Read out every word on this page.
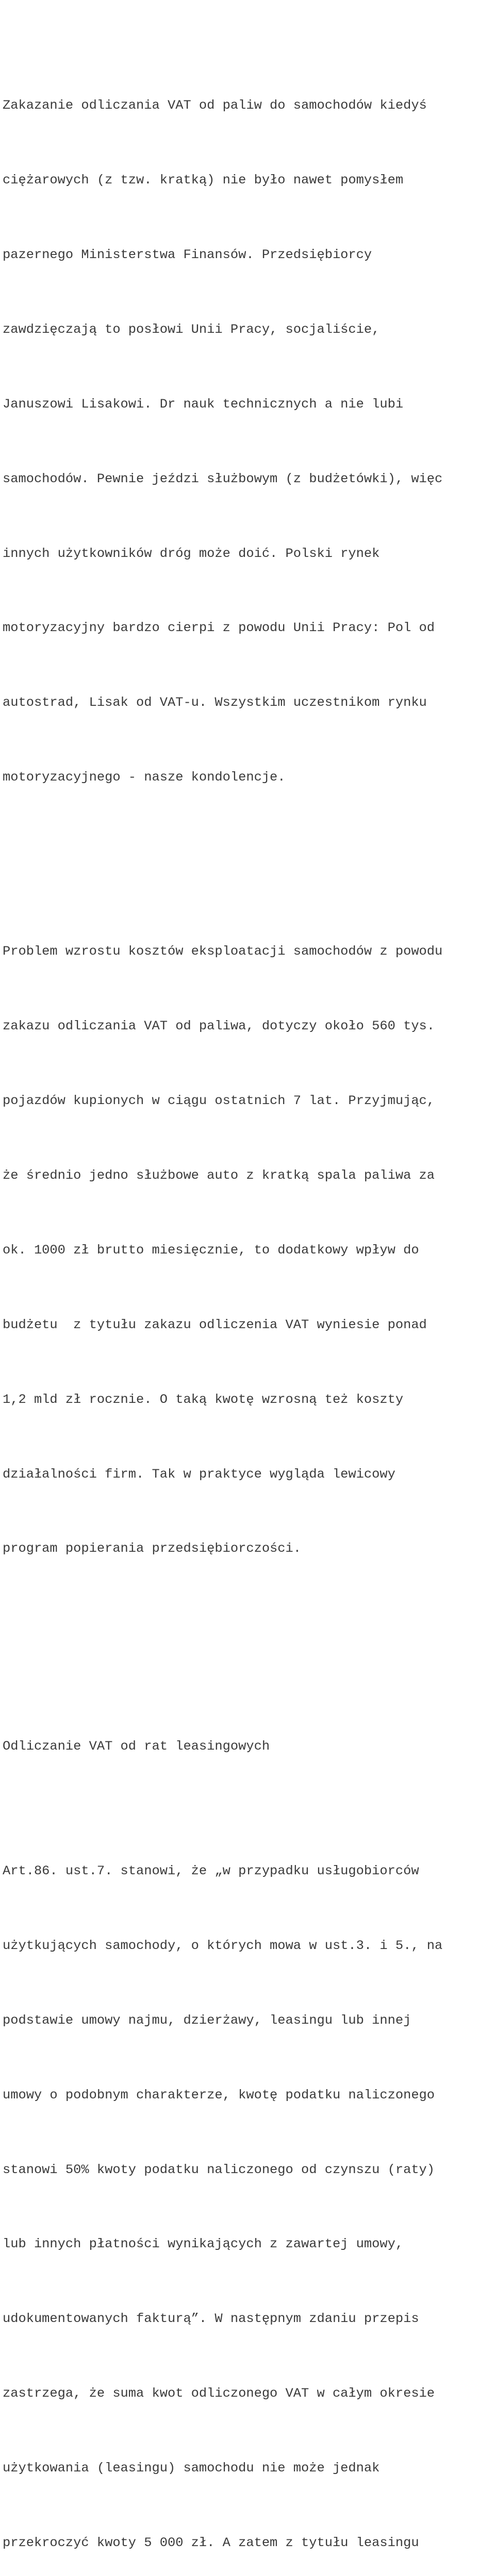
Zakazanie odliczania VAT od paliw do samochodów kiedyś

ciężarowych (z tzw. kratką) nie było nawet pomysłem

pazernego Ministerstwa Finansów. Przedsiębiorcy

zawdzięczają to posłowi Unii Pracy, socjaliście,

Januszowi Lisakowi. Dr nauk technicznych a nie lubi

samochodów. Pewnie jeździ służbowym (z budżetówki), więc

innych użytkowników dróg może doić. Polski rynek

motoryzacyjny bardzo cierpi z powodu Unii Pracy: Pol od

autostrad, Lisak od VAT-u. Wszystkim uczestnikom rynku

motoryzacyjnego - nasze kondolencje.

Problem wzrostu kosztów eksploatacji samochodów z powodu

zakazu odliczania VAT od paliwa, dotyczy około 560 tys.

pojazdów kupionych w ciągu ostatnich 7 lat. Przyjmując,

że średnio jedno służbowe auto z kratką spala paliwa za

ok. 1000 zł brutto miesięcznie, to dodatkowy wpływ do

budżetu  z tytułu zakazu odliczenia VAT wyniesie ponad

1,2 mld zł rocznie. O taką kwotę wzrosną też koszty

działalności firm. Tak w praktyce wygląda lewicowy

program popierania przedsiębiorczości.

Odliczanie VAT od rat leasingowych

Art.86. ust.7. stanowi, że „w przypadku usługobiorców

użytkujących samochody, o których mowa w ust.3. i 5., na

podstawie umowy najmu, dzierżawy, leasingu lub innej

umowy o podobnym charakterze, kwotę podatku naliczonego

stanowi 50% kwoty podatku naliczonego od czynszu (raty)

lub innych płatności wynikających z zawartej umowy,

udokumentowanych fakturą”. W następnym zdaniu przepis

zastrzega, że suma kwot odliczonego VAT w całym okresie

użytkowania (leasingu) samochodu nie może jednak

przekroczyć kwoty 5 000 zł. A zatem z tytułu leasingu
